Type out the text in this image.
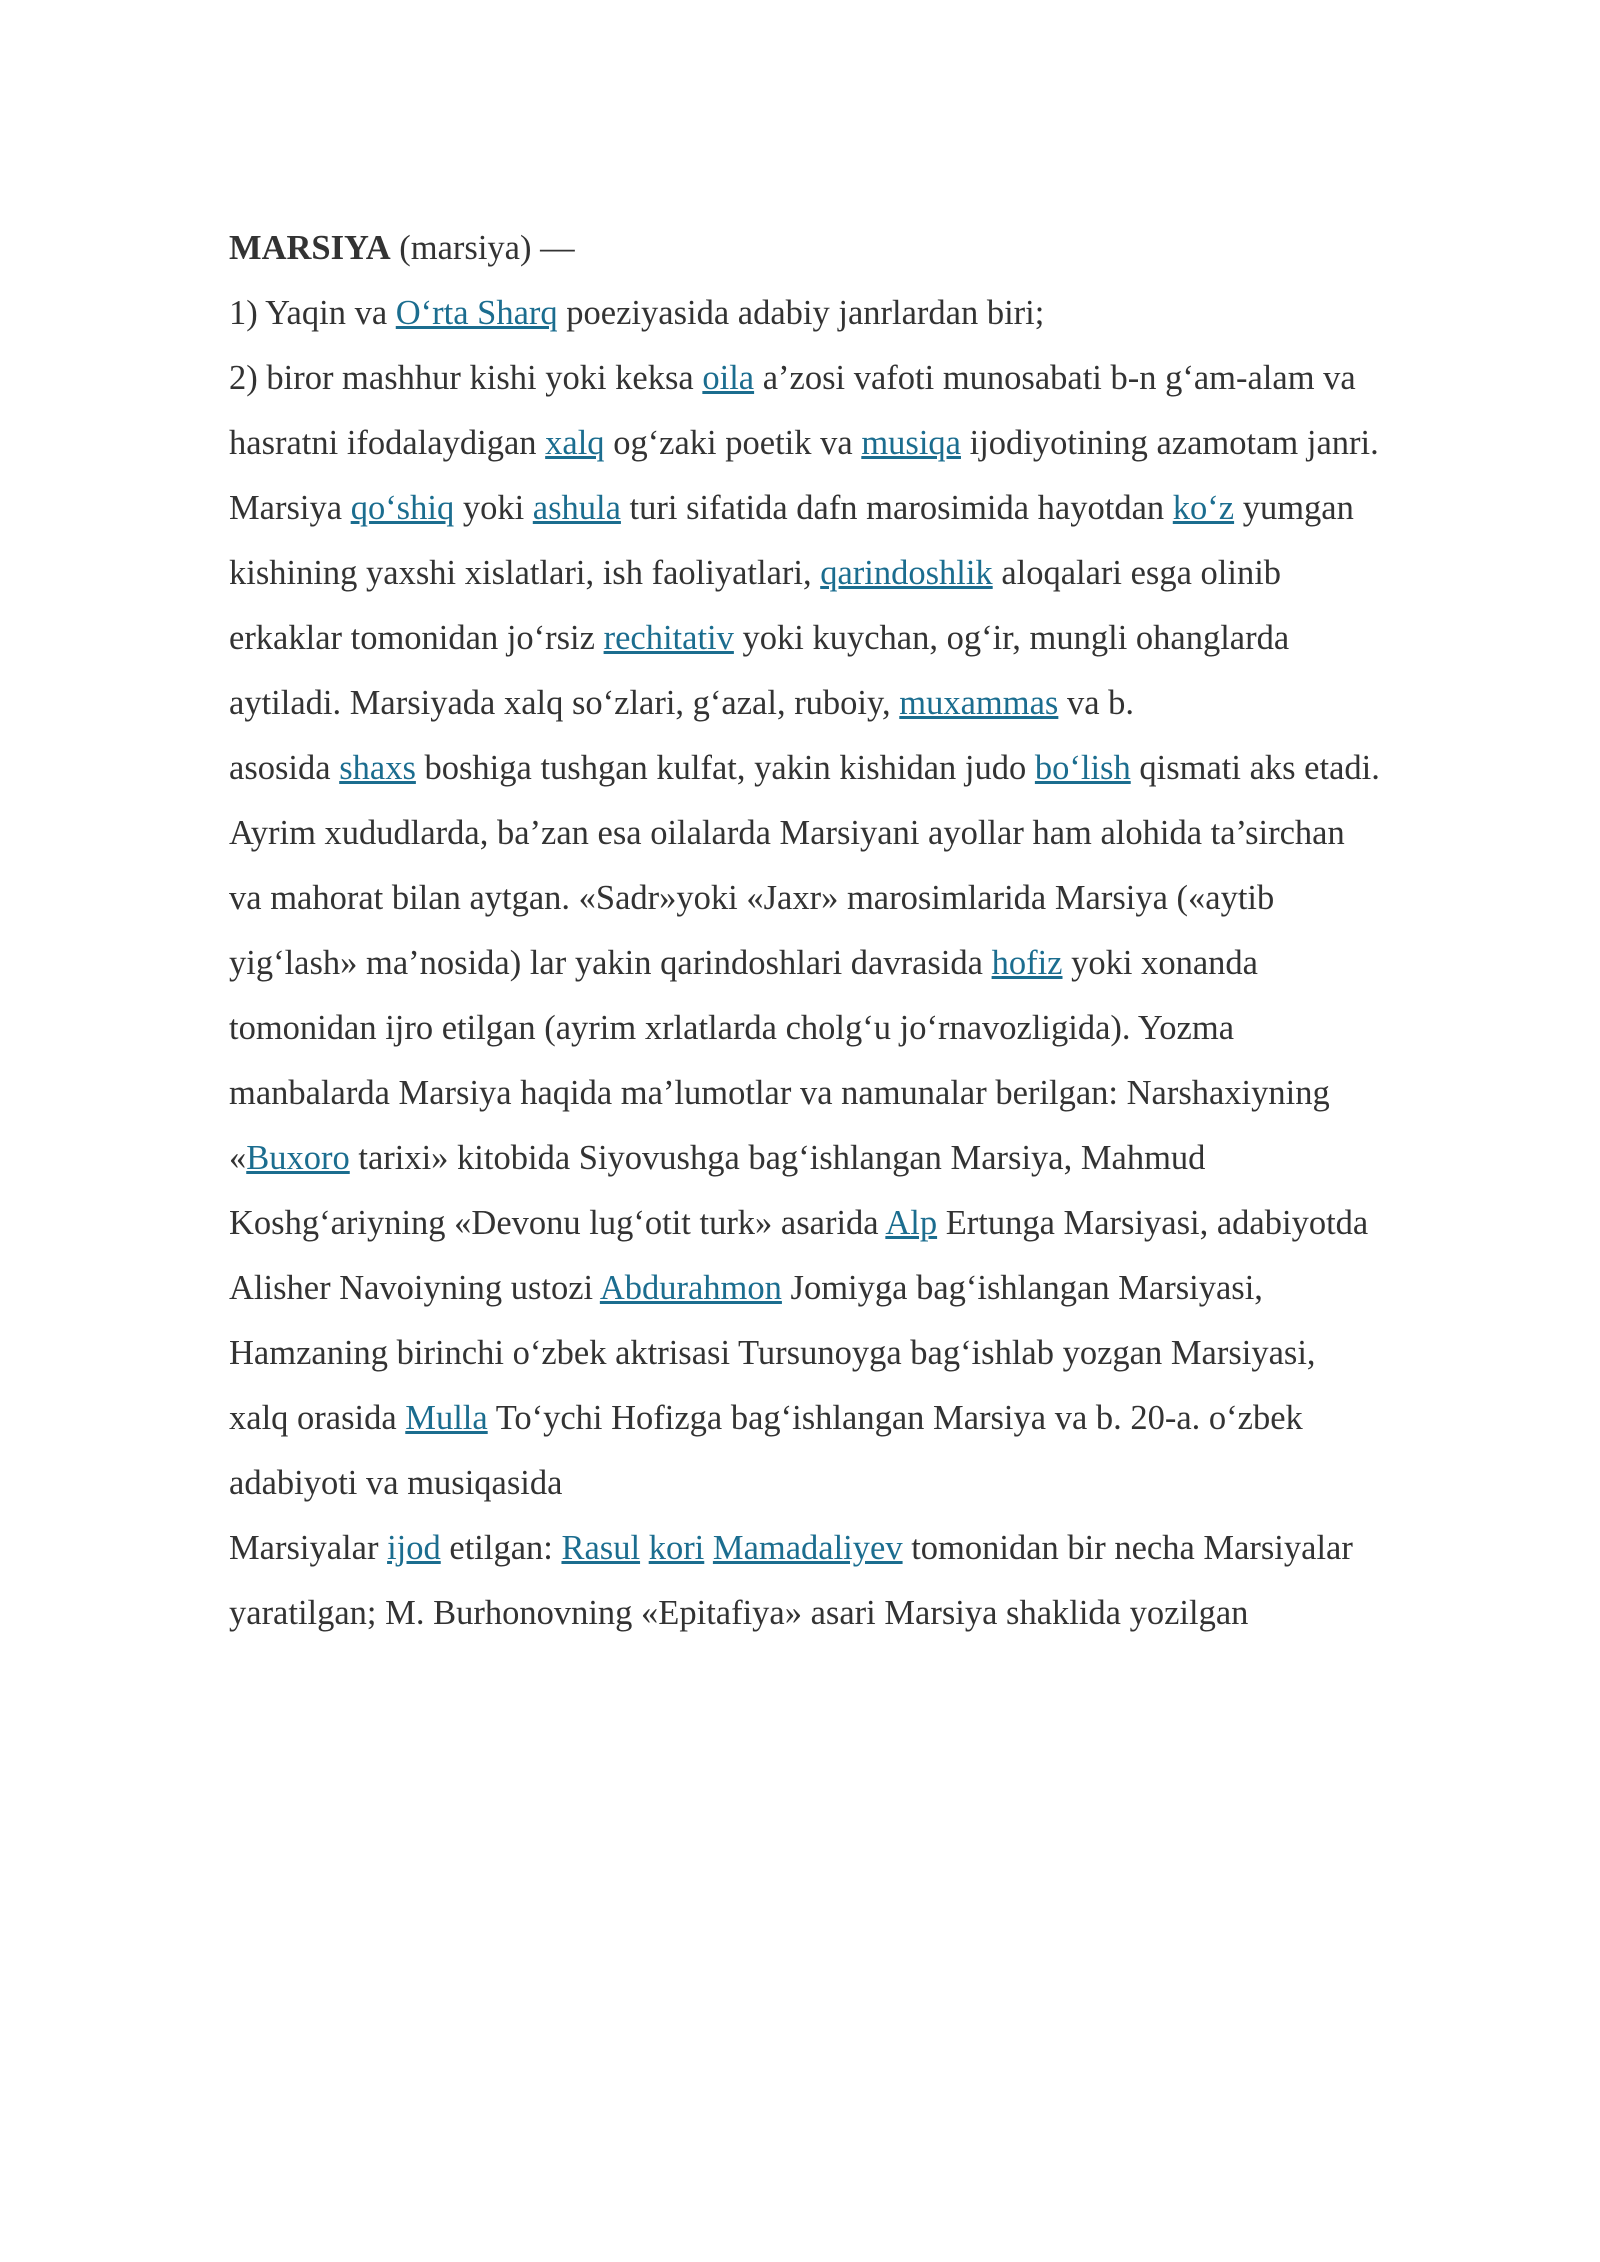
MARSIYA (marsiya) —
1) Yaqin va O‘rta Sharq poeziyasida adabiy janrlardan biri;
2) biror mashhur kishi yoki keksa oila a’zosi vafoti munosabati b-n g‘am-alam va
hasratni ifodalaydigan xalq og‘zaki poetik va musiqa ijodiyotining azamotam janri.
Marsiya qo‘shiq yoki ashula turi sifatida dafn marosimida hayotdan ko‘z yumgan
kishining yaxshi xislatlari, ish faoliyatlari, qarindoshlik aloqalari esga olinib
erkaklar tomonidan jo‘rsiz rechitativ yoki kuychan, og‘ir, mungli ohanglarda
aytiladi. Marsiyada xalq so‘zlari, g‘azal, ruboiy, muxammas va b.
asosida shaxs boshiga tushgan kulfat, yakin kishidan judo bo‘lish qismati aks etadi.
Ayrim xududlarda, ba’zan esa oilalarda Marsiyani ayollar ham alohida ta’sirchan
va mahorat bilan aytgan. «Sadr»yoki «Jaxr» marosimlarida Marsiya («aytib
yig‘lash» ma’nosida) lar yakin qarindoshlari davrasida hofiz yoki xonanda
tomonidan ijro etilgan (ayrim xrlatlarda cholg‘u jo‘rnavozligida). Yozma
manbalarda Marsiya haqida ma’lumotlar va namunalar berilgan: Narshaxiyning
«Buxoro tarixi» kitobida Siyovushga bag‘ishlangan Marsiya, Mahmud
Koshg‘ariyning «Devonu lug‘otit turk» asarida Alp Ertunga Marsiyasi, adabiyotda
Alisher Navoiyning ustozi Abdurahmon Jomiyga bag‘ishlangan Marsiyasi,
Hamzaning birinchi o‘zbek aktrisasi Tursunoyga bag‘ishlab yozgan Marsiyasi,
xalq orasida Mulla To‘ychi Hofizga bag‘ishlangan Marsiya va b. 20-a. o‘zbek
adabiyoti va musiqasida
Marsiyalar ijod etilgan: Rasul kori Mamadaliyev tomonidan bir necha Marsiyalar
yaratilgan; M. Burhonovning «Epitafiya» asari Marsiya shaklida yozilgan
